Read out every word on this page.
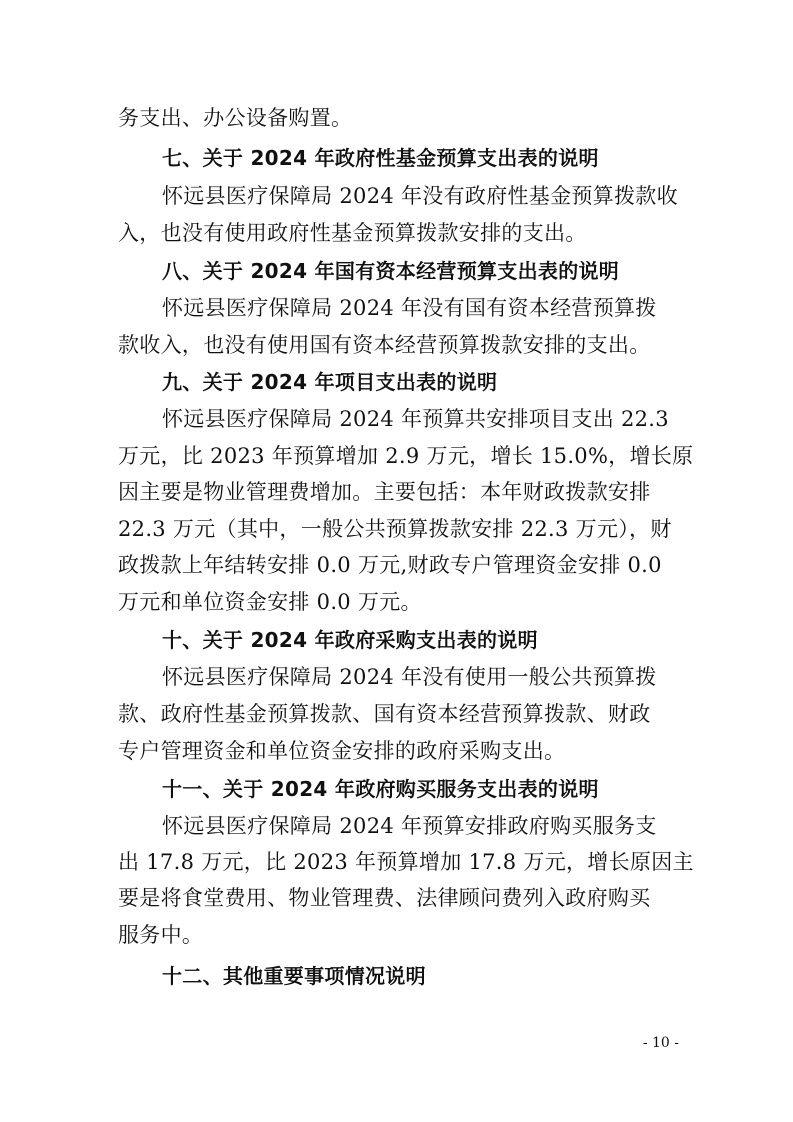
务支出、办公设备购置。
七、关于 2024 年政府性基金预算支出表的说明
怀远县医疗保障局 2024 年没有政府性基金预算拨款收
入，也没有使用政府性基金预算拨款安排的支出。
八、关于 2024 年国有资本经营预算支出表的说明
怀远县医疗保障局 2024 年没有国有资本经营预算拨
款收入，也没有使用国有资本经营预算拨款安排的支出。
九、关于 2024 年项目支出表的说明
怀远县医疗保障局 2024 年预算共安排项目支出 22.3
万元，比 2023 年预算增加 2.9 万元，增长 15.0%，增长原
因主要是物业管理费增加。主要包括：本年财政拨款安排
22.3 万元（其中，一般公共预算拨款安排 22.3 万元），财
政拨款上年结转安排 0.0 万元,财政专户管理资金安排 0.0
万元和单位资金安排 0.0 万元。
十、关于 2024 年政府采购支出表的说明
怀远县医疗保障局 2024 年没有使用一般公共预算拨
款、政府性基金预算拨款、国有资本经营预算拨款、财政
专户管理资金和单位资金安排的政府采购支出。
十一、关于 2024 年政府购买服务支出表的说明
怀远县医疗保障局 2024 年预算安排政府购买服务支
出 17.8 万元，比 2023 年预算增加 17.8 万元，增长原因主
要是将食堂费用、物业管理费、法律顾问费列入政府购买
服务中。
十二、其他重要事项情况说明
- 10 -
